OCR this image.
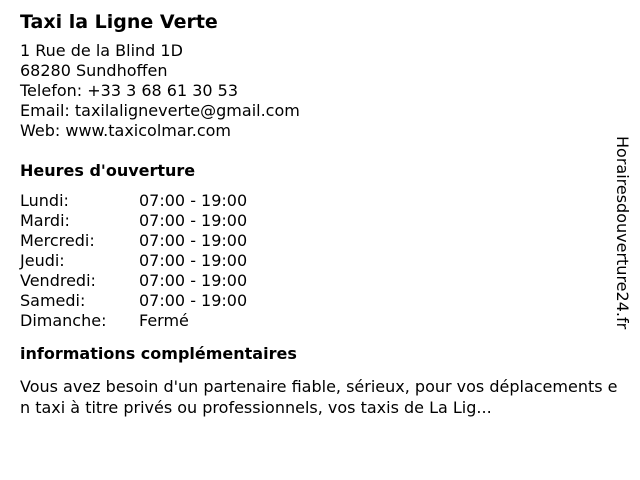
Taxi la Ligne Verte
1 Rue de la Blind 1D
68280 Sundhoffen
Telefon: +33 3 68 61 30 53
Email: taxilaligneverte@gmail.com
Web: www.taxicolmar.com
Heures d'ouverture
Lundi:	07:00 - 19:00
Mardi:	07:00 - 19:00
Mercredi:	07:00 - 19:00
Jeudi:	07:00 - 19:00
Vendredi:	07:00 - 19:00
Samedi:	07:00 - 19:00
Dimanche:	Fermé
informations complémentaires
Vous avez besoin d'un partenaire fiable, sérieux, pour vos déplacements en taxi à titre privés ou professionnels, vos taxis de La Lig...
Horairesdouverture24.fr
